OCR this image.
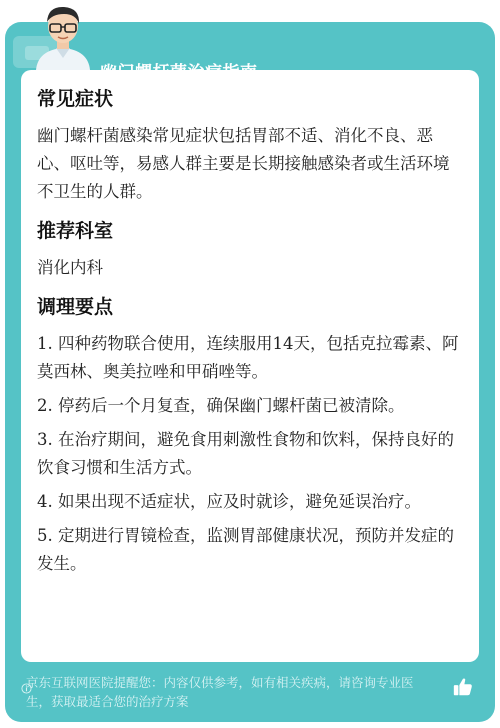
幽门螺杆菌治疗指南
常见症状

幽门螺杆菌感染常见症状包括胃部不适、消化不良、恶心、呕吐等，易感人群主要是长期接触感染者或生活环境不卫生的人群。

推荐科室

消化内科

调理要点

1. 四种药物联合使用，连续服用14天，包括克拉霉素、阿莫西林、奥美拉唑和甲硝唑等。

2. 停药后一个月复查，确保幽门螺杆菌已被清除。

3. 在治疗期间，避免食用刺激性食物和饮料，保持良好的饮食习惯和生活方式。

4. 如果出现不适症状，应及时就诊，避免延误治疗。

5. 定期进行胃镜检查，监测胃部健康状况，预防并发症的发生。

京东互联网医院提醒您：内容仅供参考，如有相关疾病，请咨询专业医生，获取最适合您的治疗方案
